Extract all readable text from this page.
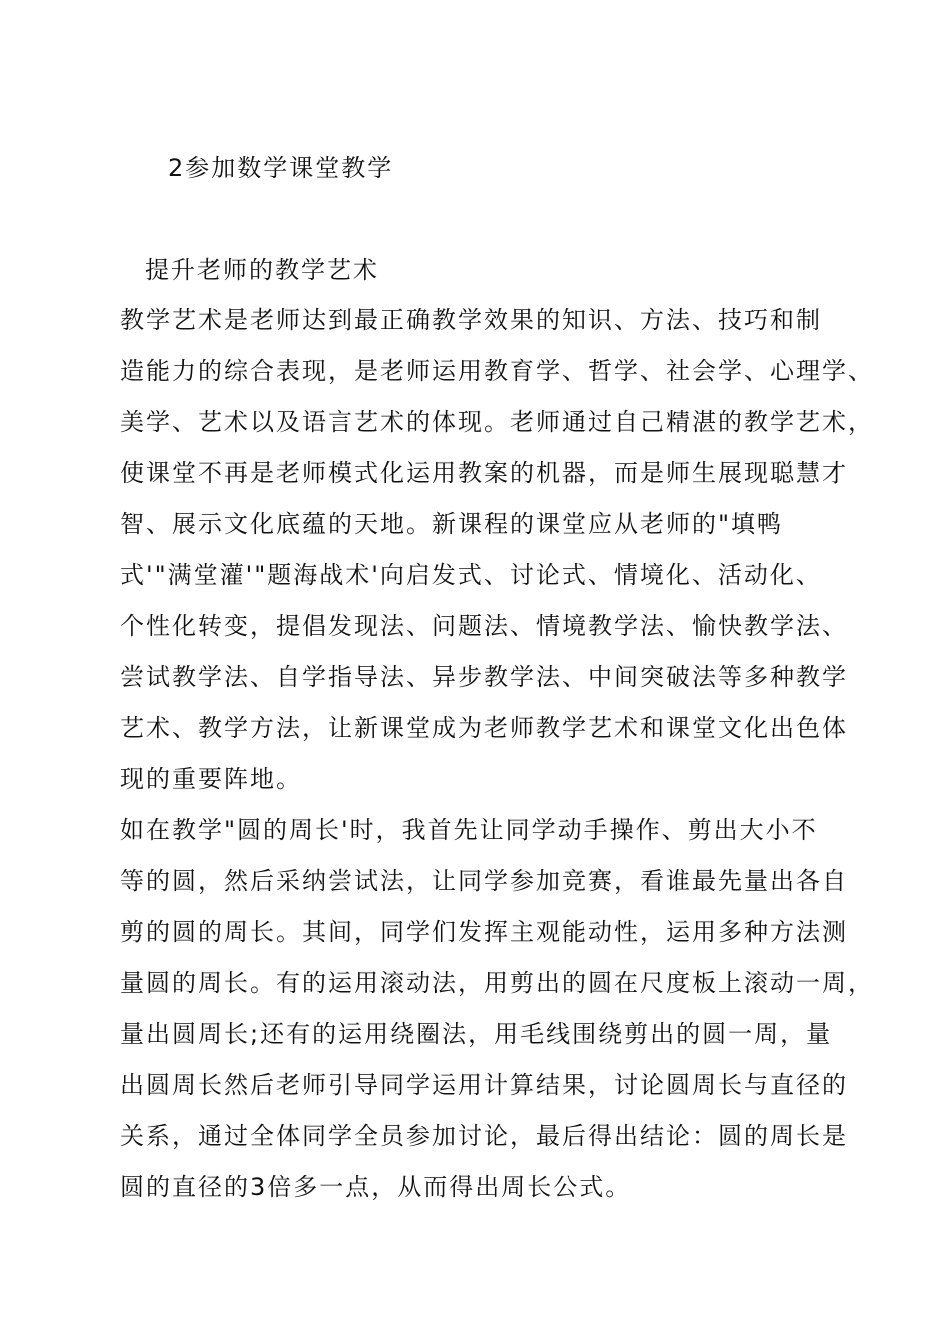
2参加数学课堂教学
提升老师的教学艺术
教学艺术是老师达到最正确教学效果的知识、方法、技巧和制
造能力的综合表现，是老师运用教育学、哲学、社会学、心理学、
美学、艺术以及语言艺术的体现。老师通过自己精湛的教学艺术，
使课堂不再是老师模式化运用教案的机器，而是师生展现聪慧才
智、展示文化底蕴的天地。新课程的课堂应从老师的"填鸭
式'"满堂灌'"题海战术'向启发式、讨论式、情境化、活动化、
个性化转变，提倡发现法、问题法、情境教学法、愉快教学法、
尝试教学法、自学指导法、异步教学法、中间突破法等多种教学
艺术、教学方法，让新课堂成为老师教学艺术和课堂文化出色体
现的重要阵地。
如在教学"圆的周长'时，我首先让同学动手操作、剪出大小不
等的圆，然后采纳尝试法，让同学参加竞赛，看谁最先量出各自
剪的圆的周长。其间，同学们发挥主观能动性，运用多种方法测
量圆的周长。有的运用滚动法，用剪出的圆在尺度板上滚动一周，
量出圆周长;还有的运用绕圈法，用毛线围绕剪出的圆一周，量
出圆周长然后老师引导同学运用计算结果，讨论圆周长与直径的
关系，通过全体同学全员参加讨论，最后得出结论：圆的周长是
圆的直径的3倍多一点，从而得出周长公式。
